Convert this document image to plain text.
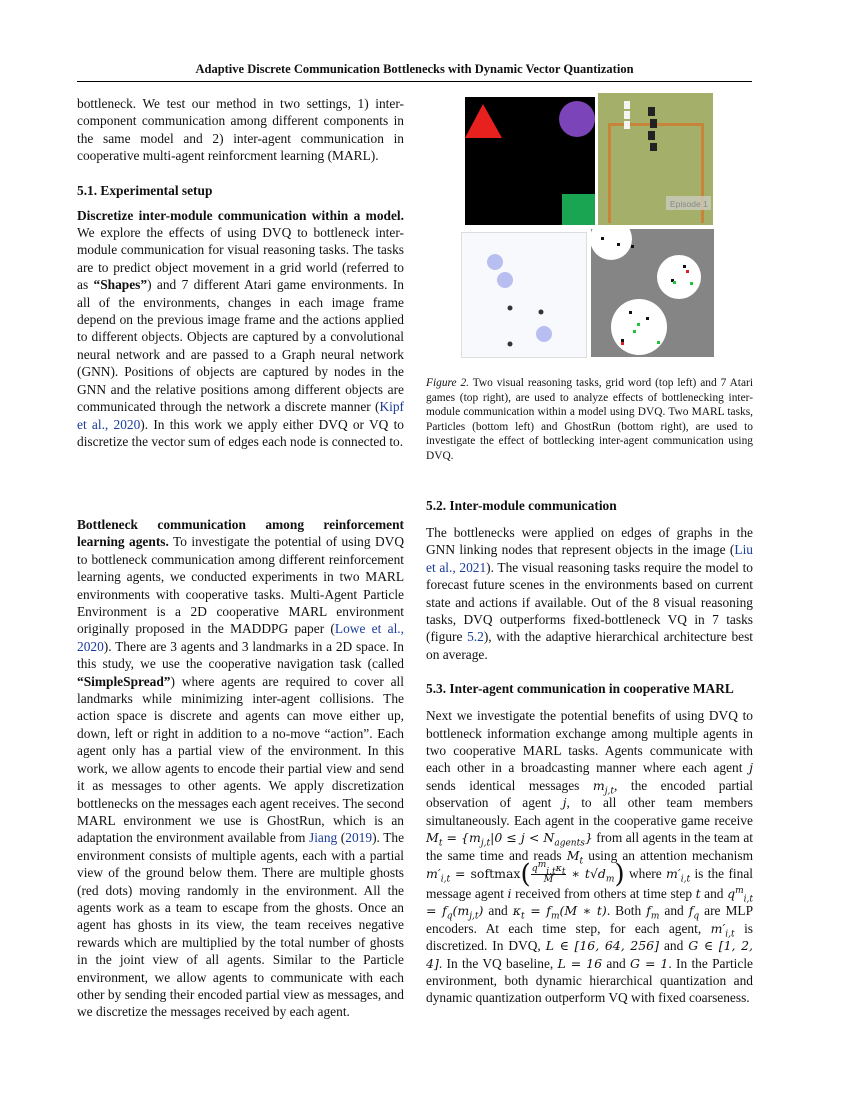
Adaptive Discrete Communication Bottlenecks with Dynamic Vector Quantization

bottleneck. We test our method in two settings, 1) inter-component communication among different components in the same model and 2) inter-agent communication in cooperative multi-agent reinforcment learning (MARL).

5.1. Experimental setup

Discretize inter-module communication within a model. We explore the effects of using DVQ to bottleneck inter-module communication for visual reasoning tasks. The tasks are to predict object movement in a grid world (referred to as “Shapes”) and 7 different Atari game environments. In all of the environments, changes in each image frame depend on the previous image frame and the actions applied to different objects. Objects are captured by a convolutional neural network and are passed to a Graph neural network (GNN). Positions of objects are captured by nodes in the GNN and the relative positions among different objects are communicated through the network a discrete manner (Kipf et al., 2020). In this work we apply either DVQ or VQ to discretize the vector sum of edges each node is connected to.

Bottleneck communication among reinforcement learning agents. To investigate the potential of using DVQ to bottleneck communication among different reinforcement learning agents, we conducted experiments in two MARL environments with cooperative tasks. Multi-Agent Particle Environment is a 2D cooperative MARL environment originally proposed in the MADDPG paper (Lowe et al., 2020). There are 3 agents and 3 landmarks in a 2D space. In this study, we use the cooperative navigation task (called “SimpleSpread”) where agents are required to cover all landmarks while minimizing inter-agent collisions. The action space is discrete and agents can move either up, down, left or right in addition to a no-move “action”. Each agent only has a partial view of the environment. In this work, we allow agents to encode their partial view and send it as messages to other agents. We apply discretization bottlenecks on the messages each agent receives. The second MARL environment we use is GhostRun, which is an adaptation the environment available from Jiang (2019). The environment consists of multiple agents, each with a partial view of the ground below them. There are multiple ghosts (red dots) moving randomly in the environment. All the agents work as a team to escape from the ghosts. Once an agent has ghosts in its view, the team receives negative rewards which are multiplied by the total number of ghosts in the joint view of all agents. Similar to the Particle environment, we allow agents to communicate with each other by sending their encoded partial view as messages, and we discretize the messages received by each agent.

Episode 1

Figure 2. Two visual reasoning tasks, grid word (top left) and 7 Atari games (top right), are used to analyze effects of bottlenecking inter-module communication within a model using DVQ. Two MARL tasks, Particles (bottom left) and GhostRun (bottom right), are used to investigate the effect of bottlecking inter-agent communication using DVQ.

5.2. Inter-module communication

The bottlenecks were applied on edges of graphs in the GNN linking nodes that represent objects in the image (Liu et al., 2021). The visual reasoning tasks require the model to forecast future scenes in the environments based on current state and actions if available. Out of the 8 visual reasoning tasks, DVQ outperforms fixed-bottleneck VQ in 7 tasks (figure 5.2), with the adaptive hierarchical architecture best on average.

5.3. Inter-agent communication in cooperative MARL

Next we investigate the potential benefits of using DVQ to bottleneck information exchange among multiple agents in two cooperative MARL tasks. Agents communicate with each other in a broadcasting manner where each agent j sends identical messages $m_{j,t}$, the encoded partial observation of agent j, to all other team members simultaneously. Each agent in the cooperative game receive $M_t = \{m_{j,t}|0 \le j < N_{agents}\}$ from all agents in the team at the same time and reads $M_t$ using an attention mechanism $m'_{i,t}$ = softmax( $\frac{q^m_{i,t}\kappa_t}{M}$ ∗ $t√d_m$) where $m'_{i,t}$ is the final message agent i received from others at time step t and $q^m_{i,t} = f_q(m_{j,t})$ and $\kappa_t = f_m(M$ ∗ t). Both $f_m$ and $f_q$ are MLP encoders. At each time step, for each agent, $m'_{i,t}$ is discretized. In DVQ, L ∈ [16, 64, 256] and G ∈ [1, 2, 4]. In the VQ baseline, L = 16 and G = 1. In the Particle environment, both dynamic hierarchical quantization and dynamic quantization outperform VQ with fixed coarseness.
